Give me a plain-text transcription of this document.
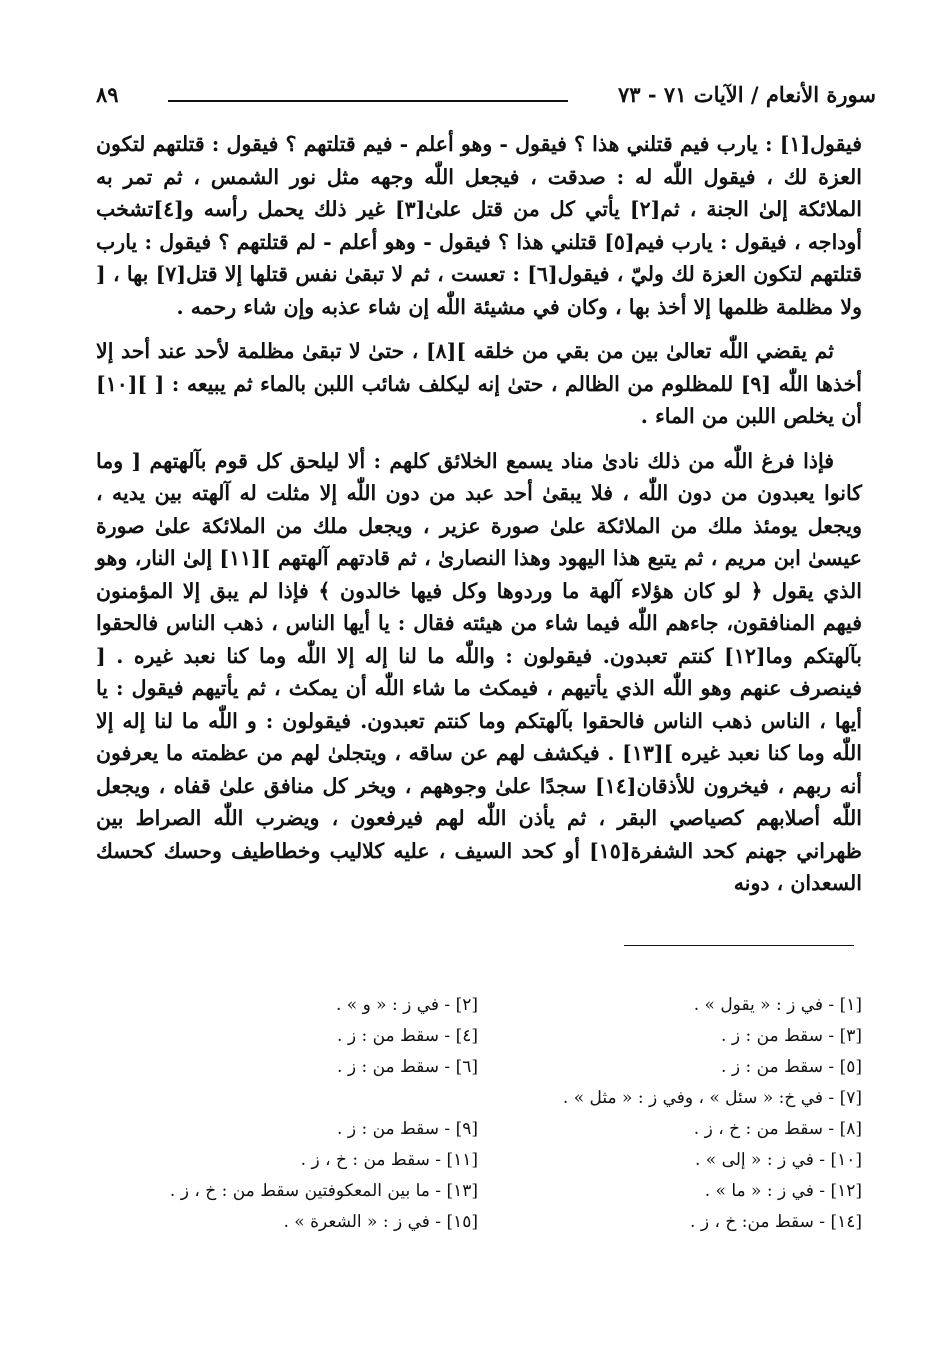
٨٩	سورة الأنعام / الآيات ٧١ - ٧٣

فيقول[١] : يارب فيم قتلني هذا ؟ فيقول - وهو أعلم - فيم قتلتهم ؟ فيقول : قتلتهم لتكون العزة لك ، فيقول اللّٰه له : صدقت ، فيجعل اللّٰه وجهه مثل نور الشمس ، ثم تمر به الملائكة إلىٰ الجنة ، ثم[٢] يأتي كل من قتل علىٰ[٣] غير ذلك يحمل رأسه و[٤]تشخب أوداجه ، فيقول : يارب فيم[٥] قتلني هذا ؟ فيقول - وهو أعلم - لم قتلتهم ؟ فيقول : يارب قتلتهم لتكون العزة لك وليّ ، فيقول[٦] : تعست ، ثم لا تبقىٰ نفس قتلها إلا قتل[٧] بها ، [ ولا مظلمة ظلمها إلا أخذ بها ، وكان في مشيئة اللّٰه إن شاء عذبه وإن شاء رحمه .

ثم يقضي اللّٰه تعالىٰ بين من بقي من خلقه ][٨] ، حتىٰ لا تبقىٰ مظلمة لأحد عند أحد إلا أخذها اللّٰه [٩] للمظلوم من الظالم ، حتىٰ إنه ليكلف شائب اللبن بالماء ثم يبيعه : [ ][١٠] أن يخلص اللبن من الماء .

فإذا فرغ اللّٰه من ذلك نادىٰ مناد يسمع الخلائق كلهم : ألا ليلحق كل قوم بآلهتهم [ وما كانوا يعبدون من دون اللّٰه ، فلا يبقىٰ أحد عبد من دون اللّٰه إلا مثلت له آلهته بين يديه ، ويجعل يومئذ ملك من الملائكة علىٰ صورة عزير ، ويجعل ملك من الملائكة علىٰ صورة عيسىٰ ابن مريم ، ثم يتبع هذا اليهود وهذا النصارىٰ ، ثم قادتهم آلهتهم ][١١] إلىٰ النار، وهو الذي يقول ﴿ لو كان هؤلاء آلهة ما وردوها وكل فيها خالدون ﴾ فإذا لم يبق إلا المؤمنون فيهم المنافقون، جاءهم اللّٰه فيما شاء من هيئته فقال : يا أيها الناس ، ذهب الناس فالحقوا بآلهتكم وما[١٢] كنتم تعبدون. فيقولون : واللّٰه ما لنا إله إلا اللّٰه وما كنا نعبد غيره . [ فينصرف عنهم وهو اللّٰه الذي يأتيهم ، فيمكث ما شاء اللّٰه أن يمكث ، ثم يأتيهم فيقول : يا أيها ، الناس ذهب الناس فالحقوا بآلهتكم وما كنتم تعبدون. فيقولون : و اللّٰه ما لنا إله إلا اللّٰه وما كنا نعبد غيره ][١٣] . فيكشف لهم عن ساقه ، ويتجلىٰ لهم من عظمته ما يعرفون أنه ربهم ، فيخرون للأذقان[١٤] سجدًا علىٰ وجوههم ، ويخر كل منافق علىٰ قفاه ، ويجعل اللّٰه أصلابهم كصياصي البقر ، ثم يأذن اللّٰه لهم فيرفعون ، ويضرب اللّٰه الصراط بين ظهراني جهنم كحد الشفرة[١٥] أو كحد السيف ، عليه كلاليب وخطاطيف وحسك كحسك السعدان ، دونه

[١] - في ز : « يقول » .
[٢] - في ز : « و » .
[٣] - سقط من : ز .
[٤] - سقط من : ز .
[٥] - سقط من : ز .
[٦] - سقط من : ز .
[٧] - في خ: « سئل » ، وفي ز : « مثل » .
[٨] - سقط من : خ ، ز .
[٩] - سقط من : ز .
[١٠] - في ز : « إلى » .
[١١] - سقط من : خ ، ز .
[١٢] - في ز : « ما » .
[١٣] - ما بين المعكوفتين سقط من : خ ، ز .
[١٤] - سقط من: خ ، ز .
[١٥] - في ز : « الشعرة » .
